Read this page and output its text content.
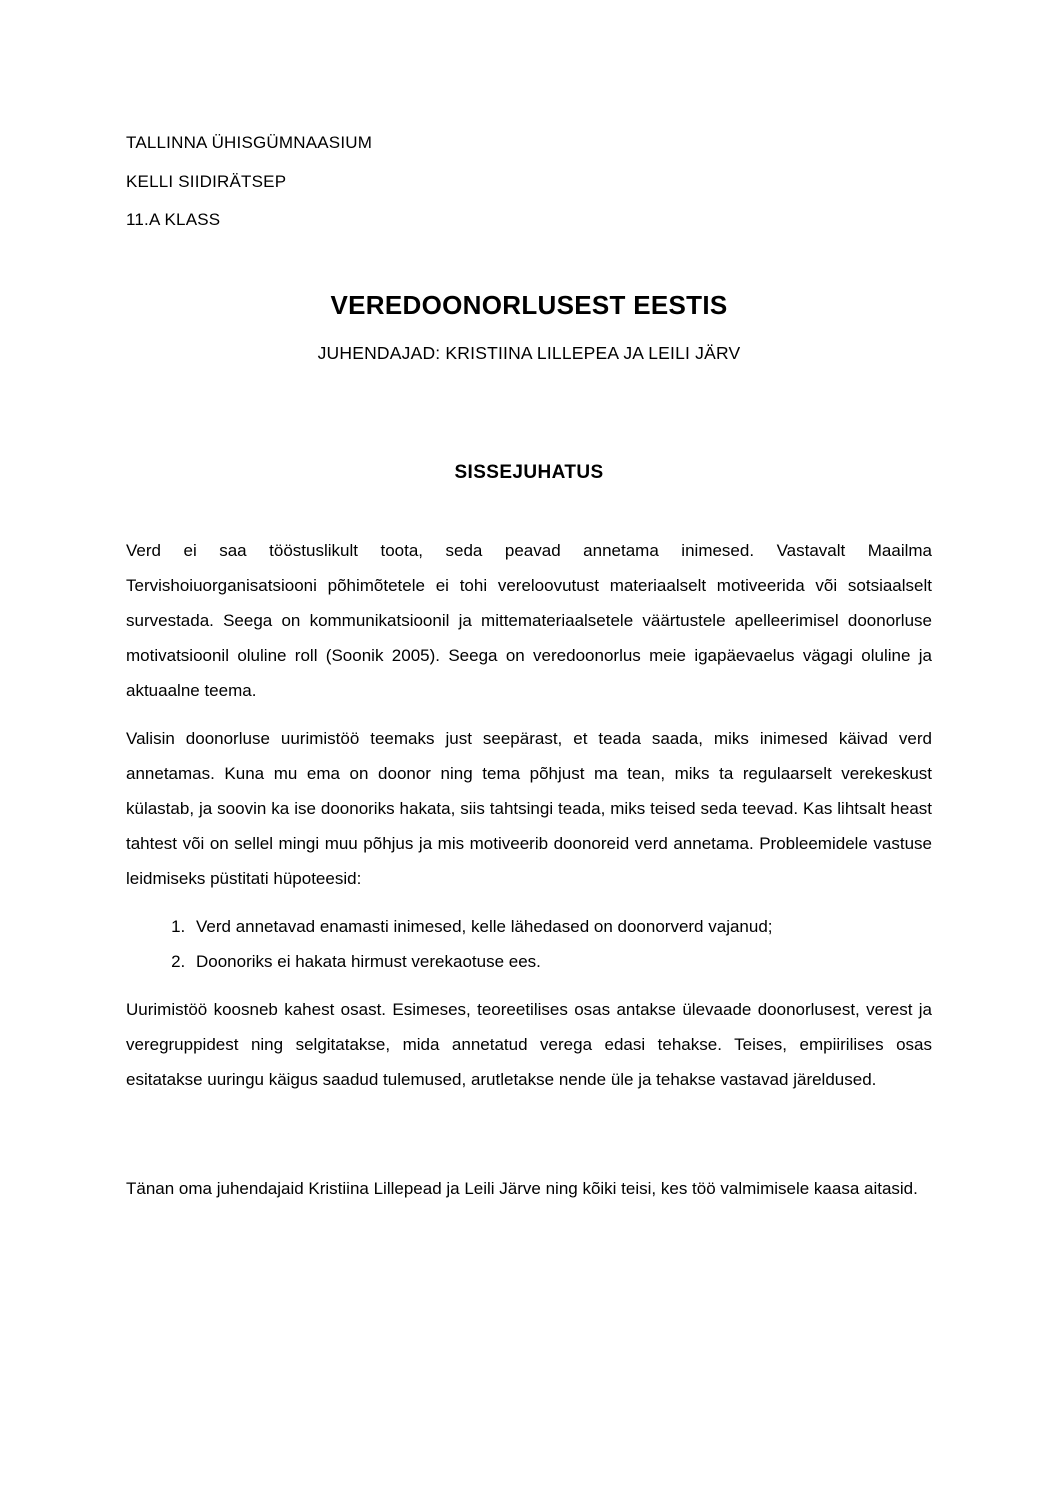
TALLINNA ÜHISGÜMNAASIUM

KELLI SIIDIRÄTSEP

11.A KLASS

VEREDOONORLUSEST EESTIS

JUHENDAJAD: KRISTIINA LILLEPEA JA LEILI JÄRV

SISSEJUHATUS

Verd ei saa tööstuslikult toota, seda peavad annetama inimesed. Vastavalt Maailma Tervishoiuorganisatsiooni põhimõtetele ei tohi vereloovutust materiaalselt motiveerida või sotsiaalselt survestada. Seega on kommunikatsioonil ja mittemateriaalsetele väärtustele apelleerimisel doonorluse motivatsioonil oluline roll (Soonik 2005). Seega on veredoonorlus meie igapäevaelus vägagi oluline ja aktuaalne teema.

Valisin doonorluse uurimistöö teemaks just seepärast, et teada saada, miks inimesed käivad verd annetamas. Kuna mu ema on doonor ning tema põhjust ma tean, miks ta regulaarselt verekeskust külastab, ja soovin ka ise doonoriks hakata, siis tahtsingi teada, miks teised seda teevad. Kas lihtsalt heast tahtest või on sellel mingi muu põhjus ja mis motiveerib doonoreid verd annetama. Probleemidele vastuse leidmiseks püstitati hüpoteesid:

1. Verd annetavad enamasti inimesed, kelle lähedased on doonorverd vajanud;
2. Doonoriks ei hakata hirmust verekaotuse ees.

Uurimistöö koosneb kahest osast. Esimeses, teoreetilises osas antakse ülevaade doonorlusest, verest ja veregruppidest ning selgitatakse, mida annetatud verega edasi tehakse. Teises, empiirilises osas esitatakse uuringu käigus saadud tulemused, arutletakse nende üle ja tehakse vastavad järeldused.

Tänan oma juhendajaid Kristiina Lillepead ja Leili Järve ning kõiki teisi, kes töö valmimisele kaasa aitasid.
